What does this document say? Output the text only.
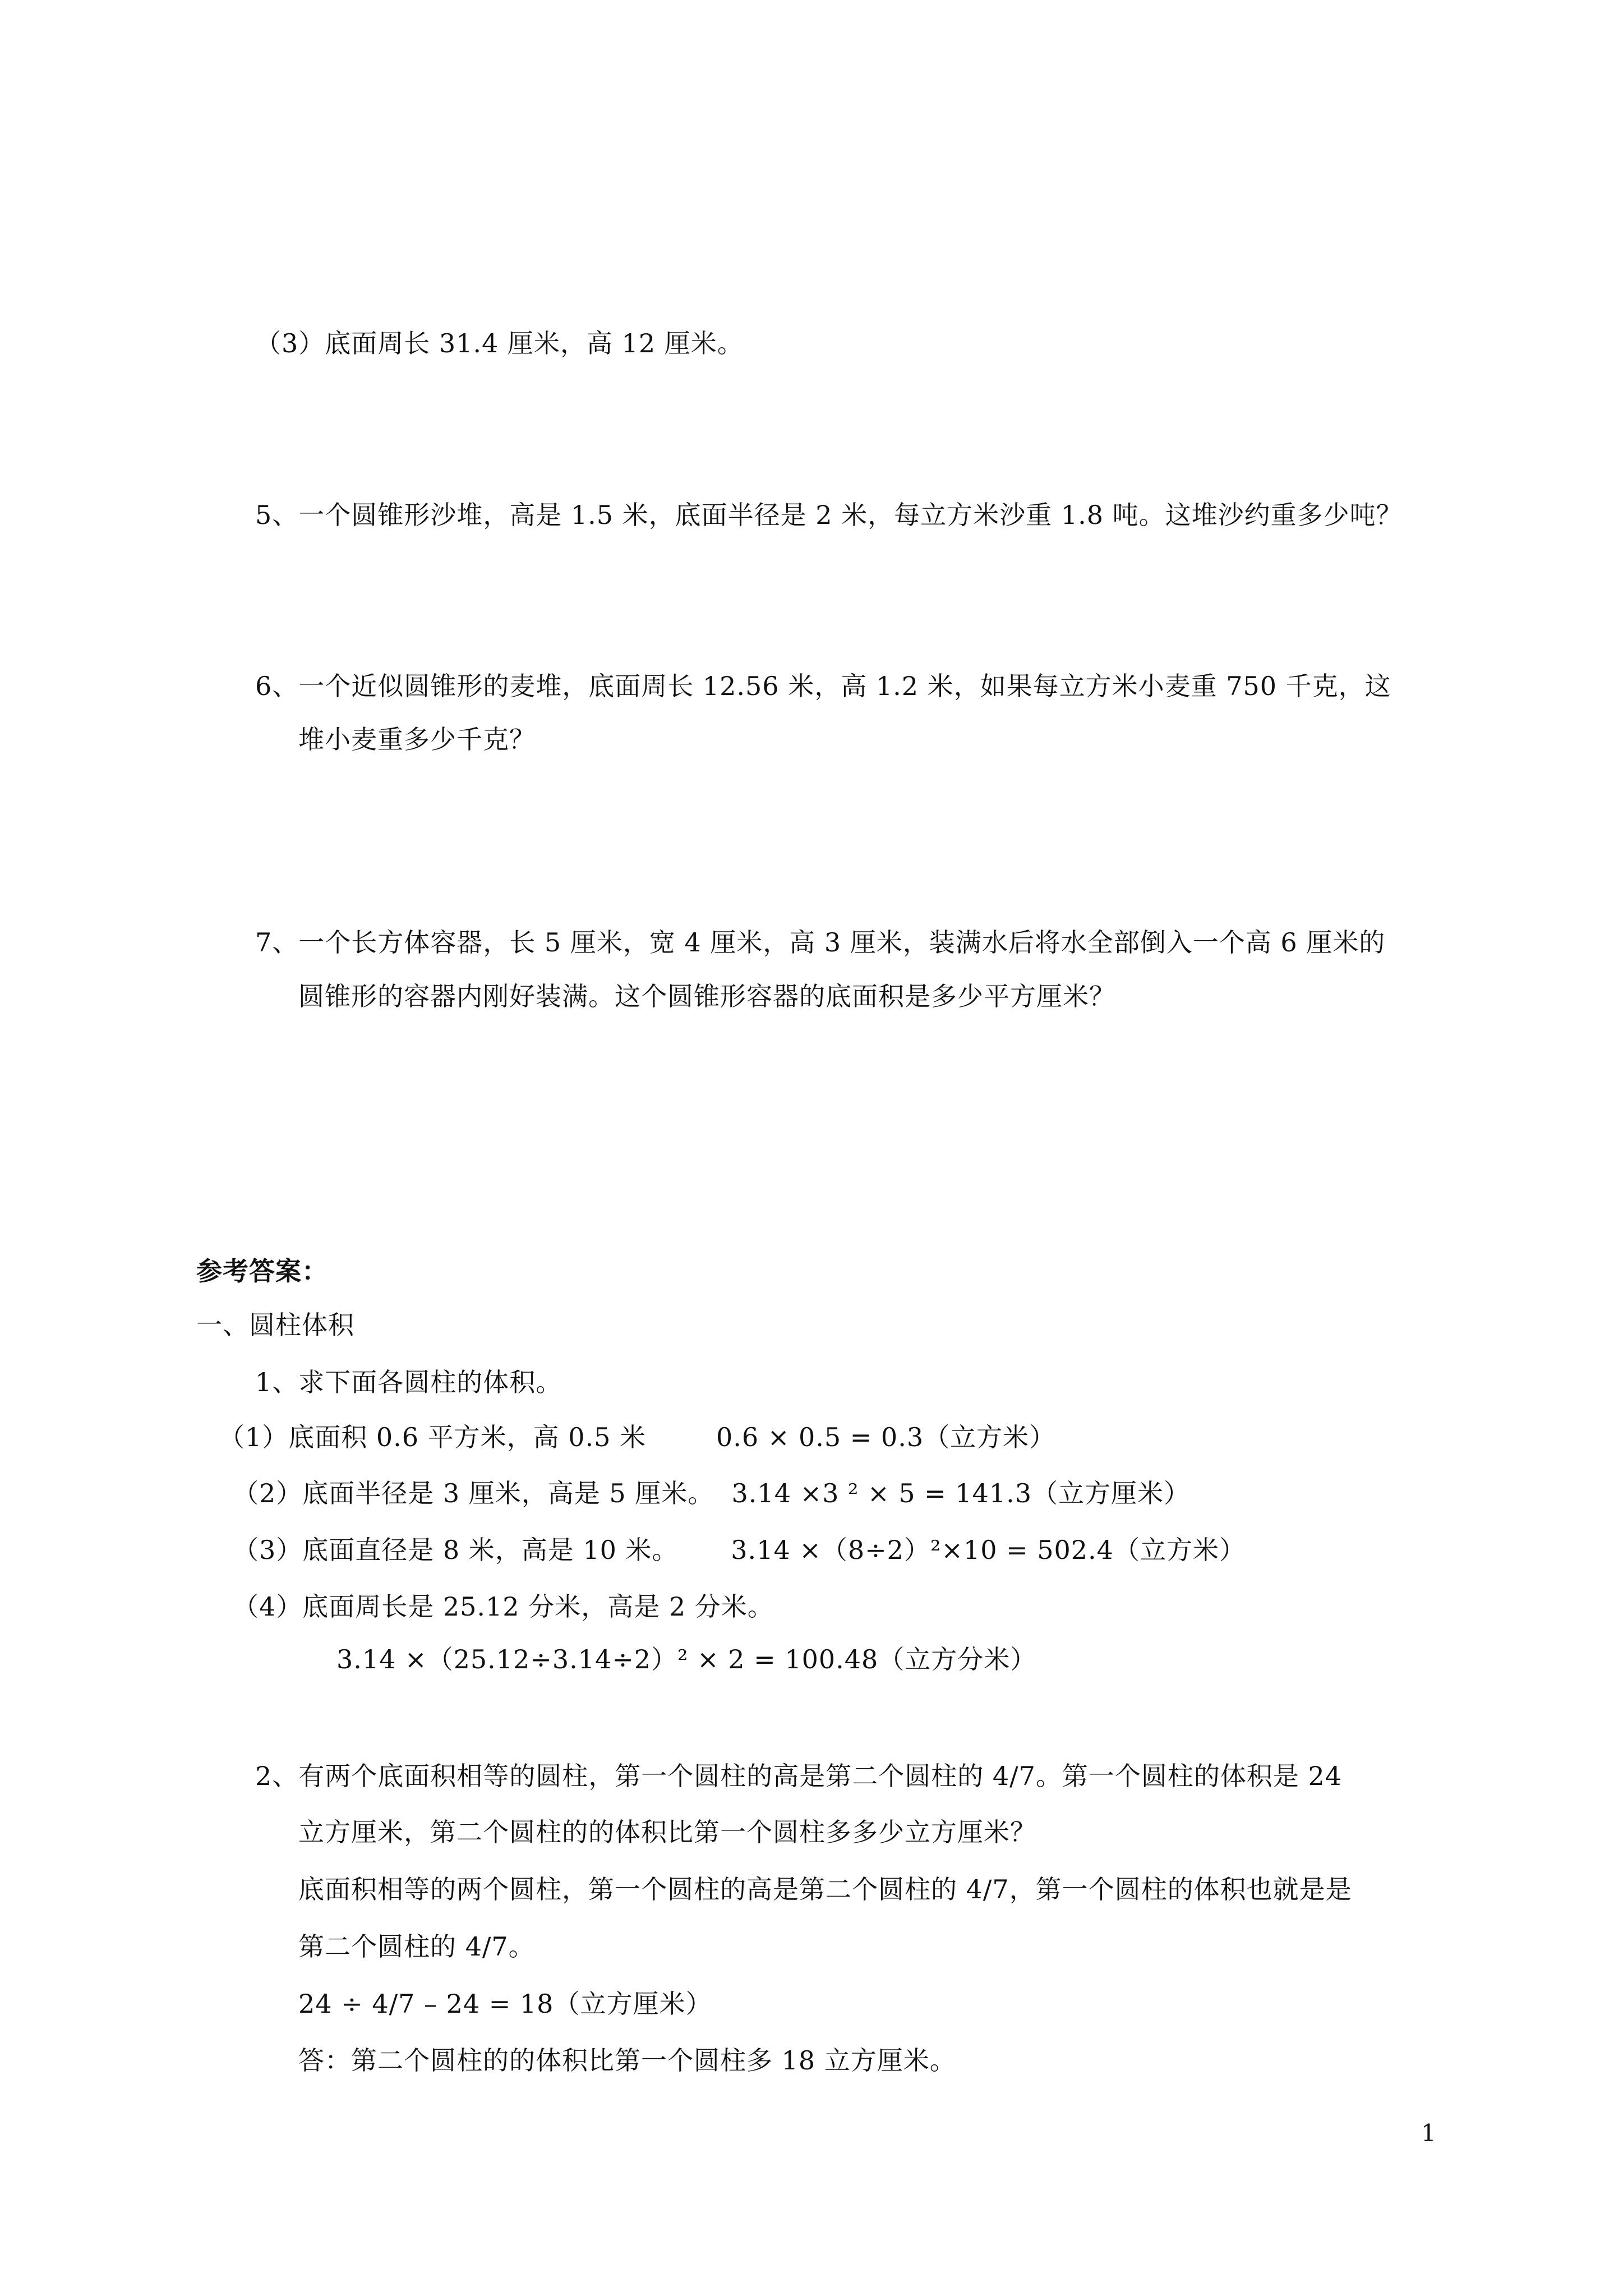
（3）底面周长 31.4 厘米，高 12 厘米。
5、一个圆锥形沙堆，高是 1.5 米，底面半径是 2 米，每立方米沙重 1.8 吨。这堆沙约重多少吨？
6、一个近似圆锥形的麦堆，底面周长 12.56 米，高 1.2 米，如果每立方米小麦重 750 千克，这
堆小麦重多少千克？
7、一个长方体容器，长 5 厘米，宽 4 厘米，高 3 厘米，装满水后将水全部倒入一个高 6 厘米的
圆锥形的容器内刚好装满。这个圆锥形容器的底面积是多少平方厘米？
参考答案：
一、圆柱体积
1、求下面各圆柱的体积。
（1）底面积 0.6 平方米，高 0.5 米        0.6 × 0.5 = 0.3（立方米）
（2）底面半径是 3 厘米，高是 5 厘米。  3.14 ×3 ² × 5 = 141.3（立方厘米）
（3）底面直径是 8 米，高是 10 米。      3.14 ×（8÷2）²×10 = 502.4（立方米）
（4）底面周长是 25.12 分米，高是 2 分米。
3.14 ×（25.12÷3.14÷2）² × 2 = 100.48（立方分米）
2、有两个底面积相等的圆柱，第一个圆柱的高是第二个圆柱的 4/7。第一个圆柱的体积是 24
立方厘米，第二个圆柱的的体积比第一个圆柱多多少立方厘米？
底面积相等的两个圆柱，第一个圆柱的高是第二个圆柱的 4/7，第一个圆柱的体积也就是是
第二个圆柱的 4/7。
24 ÷ 4/7 – 24 = 18（立方厘米）
答：第二个圆柱的的体积比第一个圆柱多 18 立方厘米。
1
